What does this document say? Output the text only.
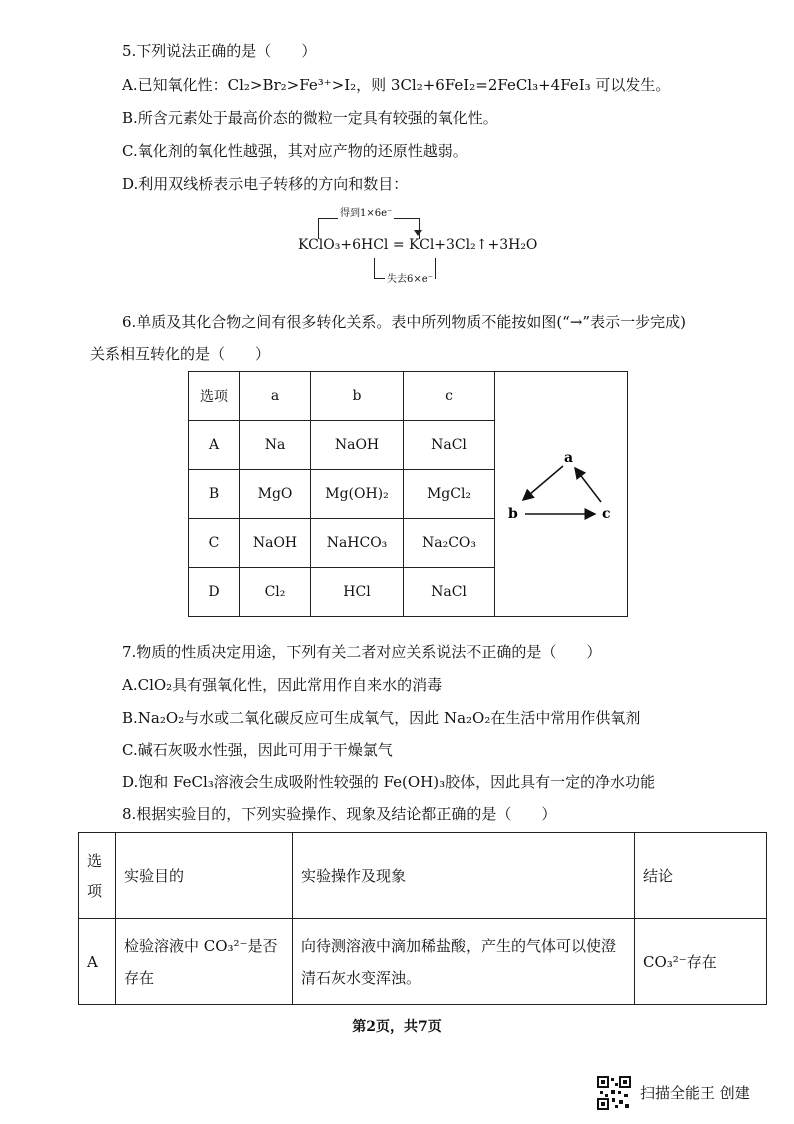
5.下列说法正确的是（　　）
A.已知氧化性：Cl₂>Br₂>Fe³⁺>I₂，则 3Cl₂+6FeI₂=2FeCl₃+4FeI₃ 可以发生。
B.所含元素处于最高价态的微粒一定具有较强的氧化性。
C.氧化剂的氧化性越强，其对应产物的还原性越弱。
D.利用双线桥表示电子转移的方向和数目：
得到1×6e⁻
KClO₃+6HCl = KCl+3Cl₂↑+3H₂O
失去6×e⁻
6.单质及其化合物之间有很多转化关系。表中所列物质不能按如图(“→”表示一步完成)
关系相互转化的是（　　）
选项	a	b	c	a
b c

A	Na	NaOH	NaCl	
B	MgO	Mg(OH)₂	MgCl₂	
C	NaOH	NaHCO₃	Na₂CO₃	
D	Cl₂	HCl	NaCl	
7.物质的性质决定用途，下列有关二者对应关系说法不正确的是（　　）
A.ClO₂具有强氧化性，因此常用作自来水的消毒
B.Na₂O₂与水或二氧化碳反应可生成氧气，因此 Na₂O₂在生活中常用作供氧剂
C.碱石灰吸水性强，因此可用于干燥氯气
D.饱和 FeCl₃溶液会生成吸附性较强的 Fe(OH)₃胶体，因此具有一定的净水功能
8.根据实验目的，下列实验操作、现象及结论都正确的是（　　）
选
项	实验目的	实验操作及现象	结论
A	检验溶液中 CO₃²⁻是否存在	向待测溶液中滴加稀盐酸，产生的气体可以使澄清石灰水变浑浊。	CO₃²⁻存在
第2页，共7页
扫描全能王 创建
